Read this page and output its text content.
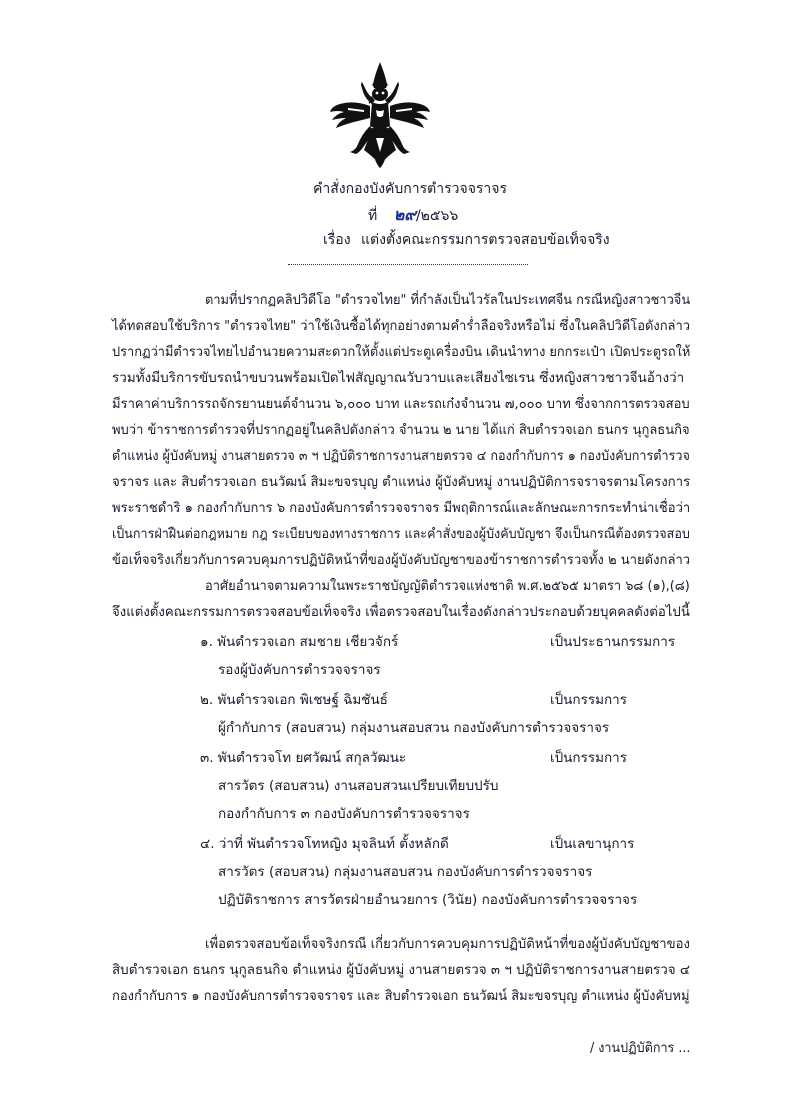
คำสั่งกองบังคับการตำรวจจราจร
ที่ ๒๙/๒๕๖๖
เรื่อง แต่งตั้งคณะกรรมการตรวจสอบข้อเท็จจริง
ตามที่ปรากฏคลิปวิดีโอ "ตำรวจไทย" ที่กำลังเป็นไวรัลในประเทศจีน กรณีหญิงสาวชาวจีน
ได้ทดสอบใช้บริการ "ตำรวจไทย" ว่าใช้เงินซื้อได้ทุกอย่างตามคำร่ำลือจริงหรือไม่ ซึ่งในคลิปวิดีโอดังกล่าว
ปรากฏว่ามีตำรวจไทยไปอำนวยความสะดวกให้ตั้งแต่ประตูเครื่องบิน เดินนำทาง ยกกระเป๋า เปิดประตูรถให้
รวมทั้งมีบริการขับรถนำขบวนพร้อมเปิดไฟสัญญาณวับวาบและเสียงไซเรน ซึ่งหญิงสาวชาวจีนอ้างว่า
มีราคาค่าบริการรถจักรยานยนต์จำนวน ๖,๐๐๐ บาท และรถเก๋งจำนวน ๗,๐๐๐ บาท ซึ่งจากการตรวจสอบ
พบว่า ข้าราชการตำรวจที่ปรากฏอยู่ในคลิปดังกล่าว จำนวน ๒ นาย ได้แก่ สิบตำรวจเอก ธนกร นุกูลธนกิจ
ตำแหน่ง ผู้บังคับหมู่ งานสายตรวจ ๓ ฯ ปฏิบัติราชการงานสายตรวจ ๔ กองกำกับการ ๑ กองบังคับการตำรวจ
จราจร และ สิบตำรวจเอก ธนวัฒน์ สิมะขจรบุญ ตำแหน่ง ผู้บังคับหมู่ งานปฏิบัติการจราจรตามโครงการ
พระราชดำริ ๑ กองกำกับการ ๖ กองบังคับการตำรวจจราจร มีพฤติการณ์และลักษณะการกระทำน่าเชื่อว่า
เป็นการฝ่าฝืนต่อกฎหมาย กฎ ระเบียบของทางราชการ และคำสั่งของผู้บังคับบัญชา จึงเป็นกรณีต้องตรวจสอบ
ข้อเท็จจริงเกี่ยวกับการควบคุมการปฏิบัติหน้าที่ของผู้บังคับบัญชาของข้าราชการตำรวจทั้ง ๒ นายดังกล่าว
อาศัยอำนาจตามความในพระราชบัญญัติตำรวจแห่งชาติ พ.ศ.๒๕๖๕ มาตรา ๖๘ (๑),(๘)
จึงแต่งตั้งคณะกรรมการตรวจสอบข้อเท็จจริง เพื่อตรวจสอบในเรื่องดังกล่าวประกอบด้วยบุคคลดังต่อไปนี้
๑. พันตำรวจเอก สมชาย เชียวจักร์	เป็นประธานกรรมการ
รองผู้บังคับการตำรวจจราจร
๒. พันตำรวจเอก พิเชษฐ์ ฉิมชันธ์	เป็นกรรมการ
ผู้กำกับการ (สอบสวน) กลุ่มงานสอบสวน กองบังคับการตำรวจจราจร
๓. พันตำรวจโท ยศวัฒน์ สกุลวัฒนะ	เป็นกรรมการ
สารวัตร (สอบสวน) งานสอบสวนเปรียบเทียบปรับ
กองกำกับการ ๓ กองบังคับการตำรวจจราจร
๔. ว่าที่ พันตำรวจโทหญิง มุจลินท์ ตั้งหลักดี	เป็นเลขานุการ
สารวัตร (สอบสวน) กลุ่มงานสอบสวน กองบังคับการตำรวจจราจร
ปฏิบัติราชการ สารวัตรฝ่ายอำนวยการ (วินัย) กองบังคับการตำรวจจราจร
เพื่อตรวจสอบข้อเท็จจริงกรณี เกี่ยวกับการควบคุมการปฏิบัติหน้าที่ของผู้บังคับบัญชาของ
สิบตำรวจเอก ธนกร นุกูลธนกิจ ตำแหน่ง ผู้บังคับหมู่ งานสายตรวจ ๓ ฯ ปฏิบัติราชการงานสายตรวจ ๔
กองกำกับการ ๑ กองบังคับการตำรวจจราจร และ สิบตำรวจเอก ธนวัฒน์ สิมะขจรบุญ ตำแหน่ง ผู้บังคับหมู่
/ งานปฏิบัติการ ...
